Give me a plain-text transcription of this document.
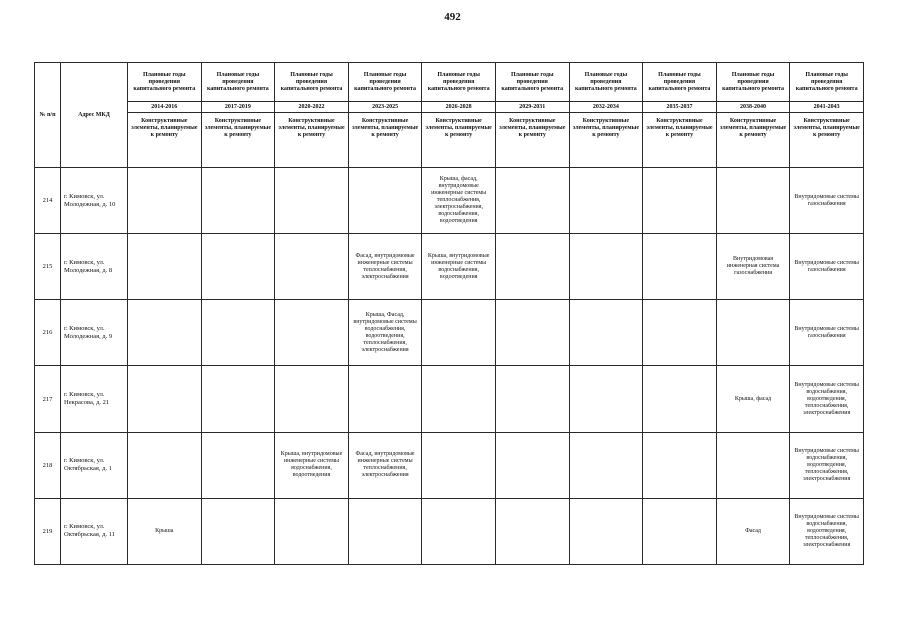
492
№ п/п	Адрес МКД	Плановые годы проведения капитального ремонта	Плановые годы проведения капитального ремонта	Плановые годы проведения капитального ремонта	Плановые годы проведения капитального ремонта	Плановые годы проведения капитального ремонта	Плановые годы проведения капитального ремонта	Плановые годы проведения капитального ремонта	Плановые годы проведения капитального ремонта	Плановые годы проведения капитального ремонта	Плановые годы проведения капитального ремонта
		2014-2016	2017-2019	2020-2022	2023-2025	2026-2028	2029-2031	2032-2034	2035-2037	2038-2040	2041-2043
		Конструктивные элементы, планируемые к ремонту	Конструктивные элементы, планируемые к ремонту	Конструктивные элементы, планируемые к ремонту	Конструктивные элементы, планируемые к ремонту	Конструктивные элементы, планируемые к ремонту	Конструктивные элементы, планируемые к ремонту	Конструктивные элементы, планируемые к ремонту	Конструктивные элементы, планируемые к ремонту	Конструктивные элементы, планируемые к ремонту	Конструктивные элементы, планируемые к ремонту
214	г. Кимовск, ул. Молодежная, д. 10					Крыша, фасад, внутридомовые инженерные системы теплоснабжения, электроснабжения, водоснабжения, водоотведения					Внутридомовые системы газоснабжения
215	г. Кимовск, ул. Молодежная, д. 8				Фасад, внутридомовые инженерные системы теплоснабжения, электроснабжения	Крыша, внутридомовые инженерные системы водоснабжения, водоотведения				Внутридомовая инженерная система газоснабжения	Внутридомовые системы газоснабжения
216	г. Кимовск, ул. Молодежная, д. 9				Крыша, Фасад, внутридомовые системы водоснабжения, водоотведения, теплоснабжения, электроснабжения						Внутридомовые системы газоснабжения
217	г. Кимовск, ул. Некрасова, д. 21									Крыша, фасад	Внутридомовые системы водоснабжения, водоотведения, теплоснабжения, электроснабжения
218	г. Кимовск, ул. Октябрьская, д. 1			Крыша, внутридомовые инженерные системы водоснабжения, водоотведения	Фасад, внутридомовые инженерные системы теплоснабжения, электроснабжения						Внутридомовые системы водоснабжения, водоотведения, теплоснабжения, электроснабжения
219	г. Кимовск, ул. Октябрьская, д. 11	Крыша								Фасад	Внутридомовые системы водоснабжения, водоотведения, теплоснабжения, электроснабжения
